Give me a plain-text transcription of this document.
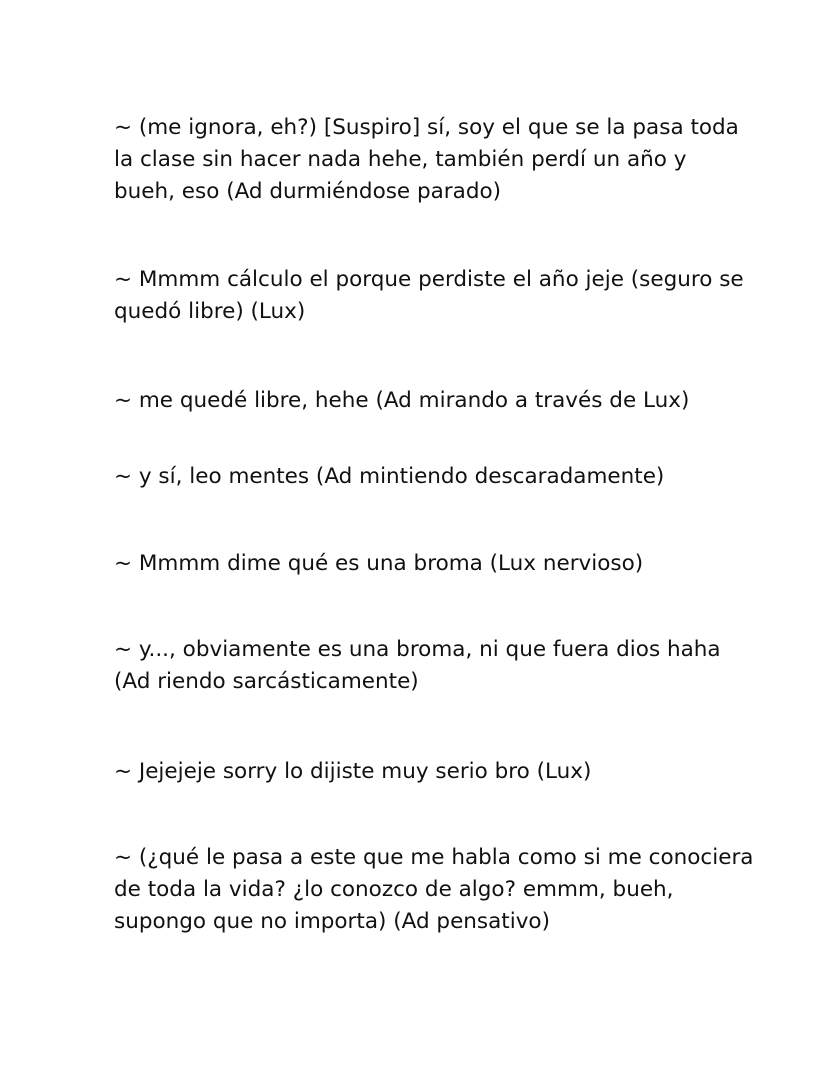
~ (me ignora, eh?) [Suspiro] sí, soy el que se la pasa toda la clase sin hacer nada hehe, también perdí un año y bueh, eso (Ad durmiéndose parado)

~ Mmmm cálculo el porque perdiste el año jeje (seguro se quedó libre) (Lux)

~ me quedé libre, hehe (Ad mirando a través de Lux)

~ y sí, leo mentes (Ad mintiendo descaradamente)

~ Mmmm dime qué es una broma (Lux nervioso)

~ y..., obviamente es una broma, ni que fuera dios haha (Ad riendo sarcásticamente)

~ Jejejeje sorry lo dijiste muy serio bro (Lux)

~ (¿qué le pasa a este que me habla como si me conociera de toda la vida? ¿lo conozco de algo? emmm, bueh, supongo que no importa) (Ad pensativo)
